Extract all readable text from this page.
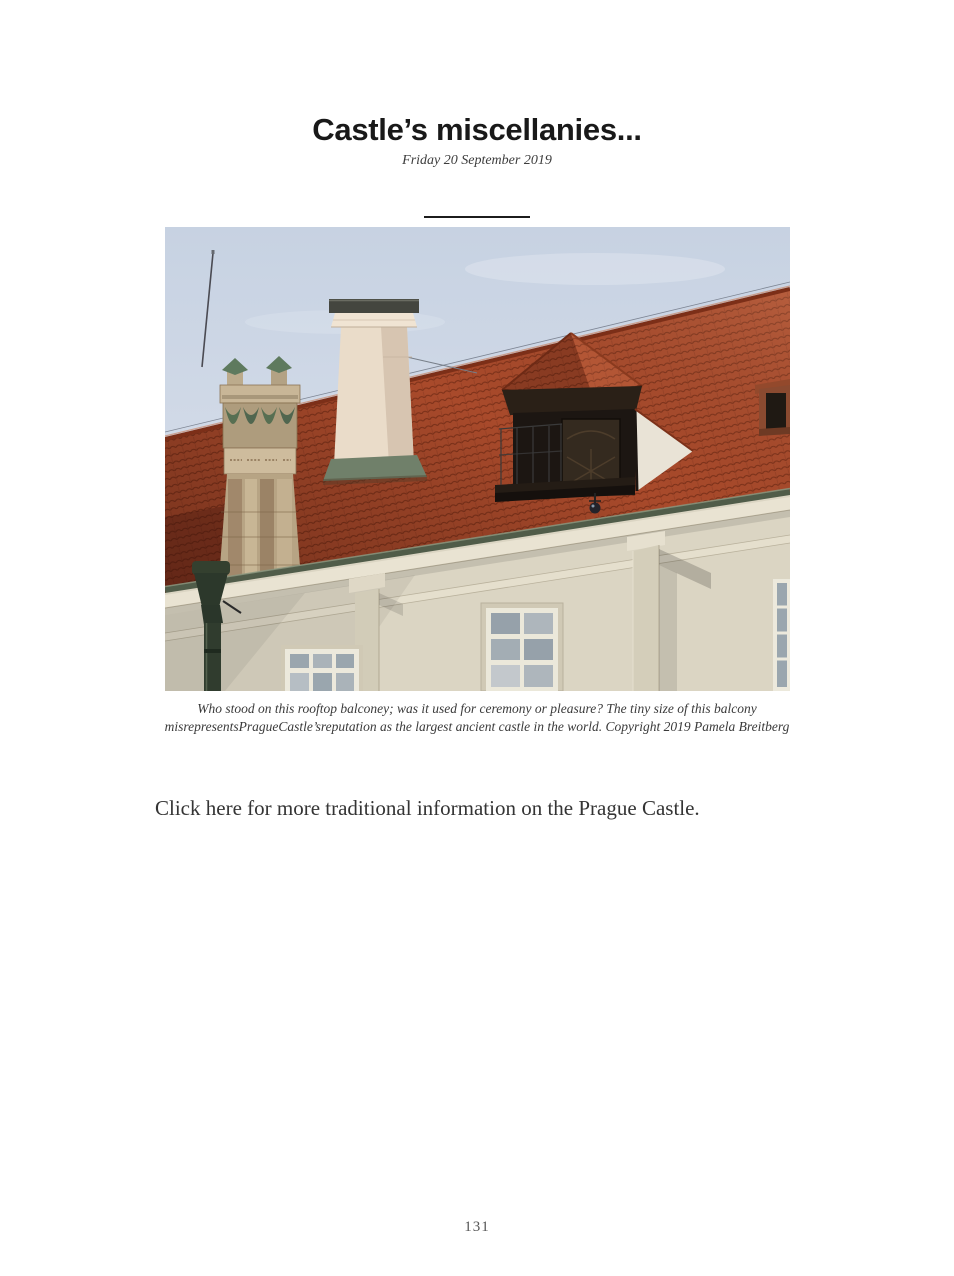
Castle’s miscellanies...
Friday 20 September 2019
Who stood on this rooftop balconey; was it used for ceremony or pleasure? The tiny size of this balcony misrepresentsPragueCastle’sreputation as the largest ancient castle in the world. Copyright 2019 Pamela Breitberg

Click here for more traditional information on the Prague Castle.

131
